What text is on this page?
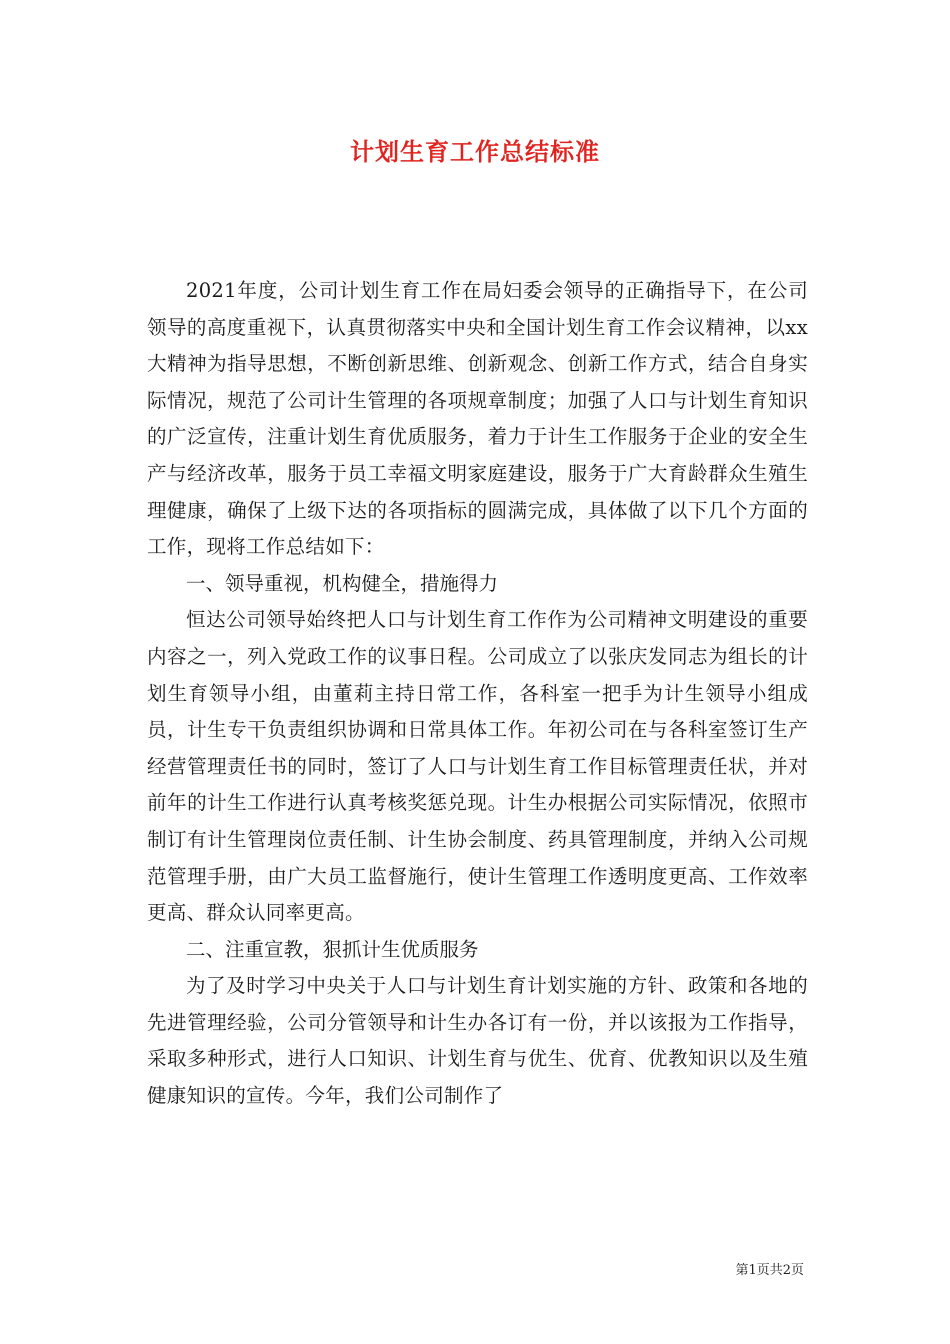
计划生育工作总结标准

2021年度，公司计划生育工作在局妇委会领导的正确指导下，在公司领导的高度重视下，认真贯彻落实中央和全国计划生育工作会议精神，以xx大精神为指导思想，不断创新思维、创新观念、创新工作方式，结合自身实际情况，规范了公司计生管理的各项规章制度；加强了人口与计划生育知识的广泛宣传，注重计划生育优质服务，着力于计生工作服务于企业的安全生产与经济改革，服务于员工幸福文明家庭建设，服务于广大育龄群众生殖生理健康，确保了上级下达的各项指标的圆满完成，具体做了以下几个方面的工作，现将工作总结如下：

一、领导重视，机构健全，措施得力

恒达公司领导始终把人口与计划生育工作作为公司精神文明建设的重要内容之一，列入党政工作的议事日程。公司成立了以张庆发同志为组长的计划生育领导小组，由董莉主持日常工作，各科室一把手为计生领导小组成员，计生专干负责组织协调和日常具体工作。年初公司在与各科室签订生产经营管理责任书的同时，签订了人口与计划生育工作目标管理责任状，并对前年的计生工作进行认真考核奖惩兑现。计生办根据公司实际情况，依照市制订有计生管理岗位责任制、计生协会制度、药具管理制度，并纳入公司规范管理手册，由广大员工监督施行，使计生管理工作透明度更高、工作效率更高、群众认同率更高。

二、注重宣教，狠抓计生优质服务

为了及时学习中央关于人口与计划生育计划实施的方针、政策和各地的先进管理经验，公司分管领导和计生办各订有一份，并以该报为工作指导，采取多种形式，进行人口知识、计划生育与优生、优育、优教知识以及生殖健康知识的宣传。今年，我们公司制作了

第1页共2页
